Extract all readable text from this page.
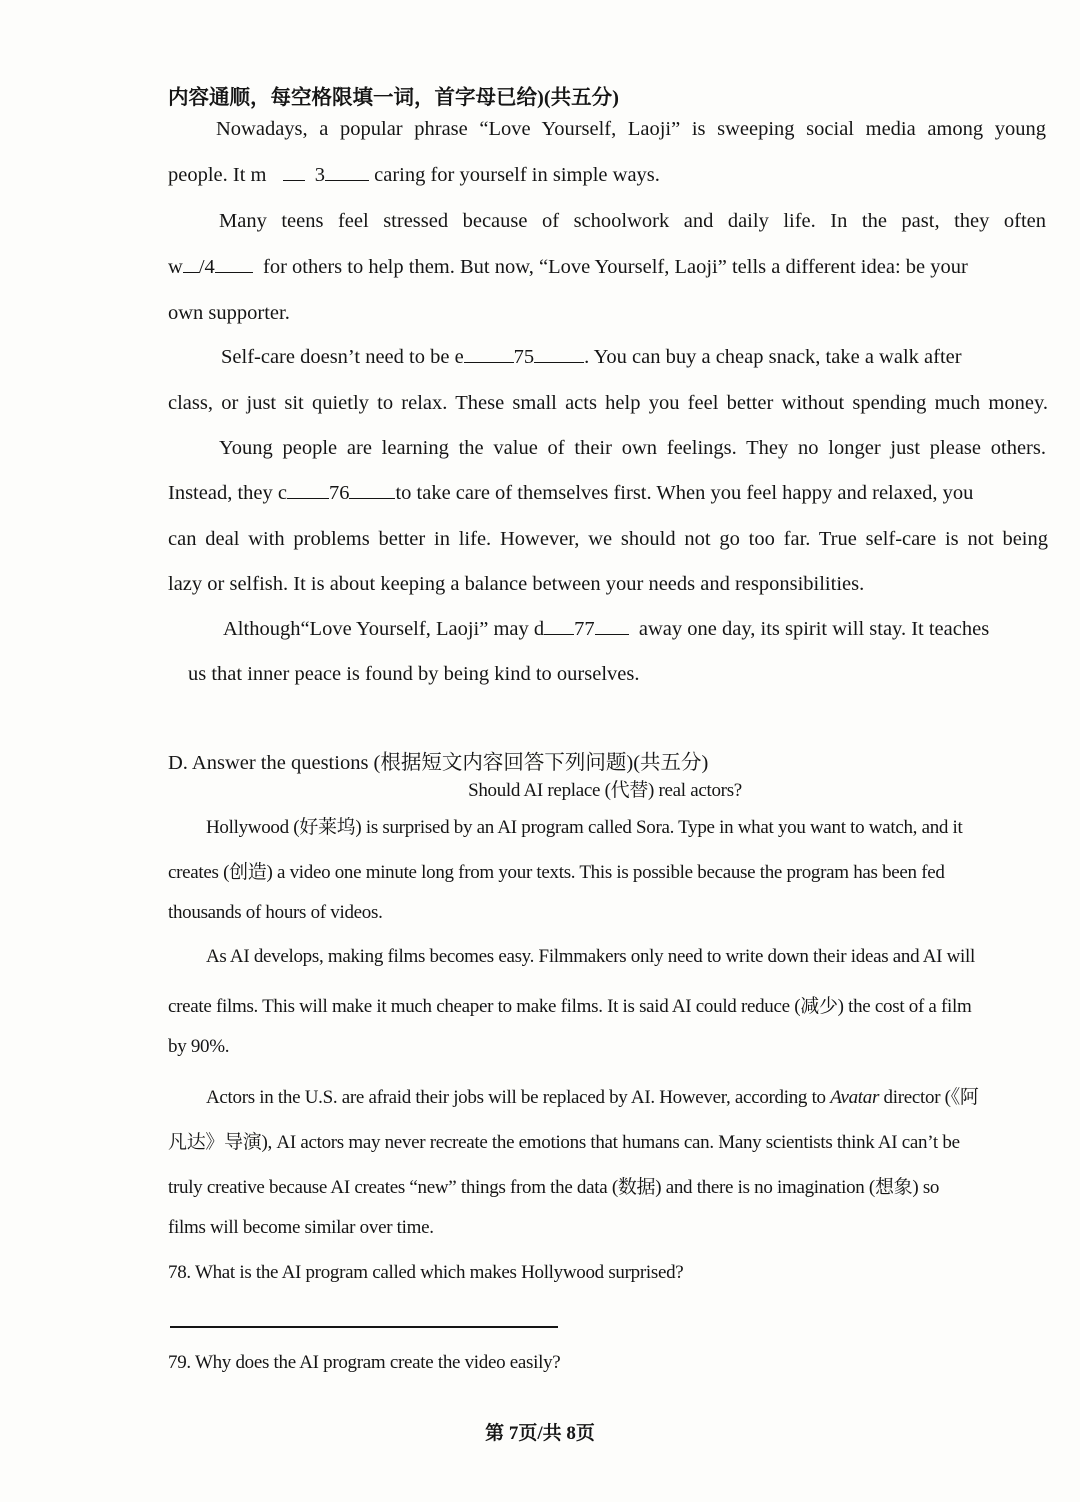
内容通顺，每空格限填一词，首字母已给)(共五分)
Nowadays, a popular phrase “Love Yourself, Laoji” is sweeping social media among young
people. It m 3 caring for yourself in simple ways.
Many teens feel stressed because of schoolwork and daily life. In the past, they often
w /4 for others to help them. But now, “Love Yourself, Laoji” tells a different idea: be your
own supporter.
Self-care doesn’t need to be e 75 . You can buy a cheap snack, take a walk after
class, or just sit quietly to relax. These small acts help you feel better without spending much money.
Young people are learning the value of their own feelings. They no longer just please others.
Instead, they c 76 to take care of themselves first. When you feel happy and relaxed, you
can deal with problems better in life. However, we should not go too far. True self-care is not being
lazy or selfish. It is about keeping a balance between your needs and responsibilities.
Although“Love Yourself, Laoji” may d 77 away one day, its spirit will stay. It teaches
us that inner peace is found by being kind to ourselves.
D. Answer the questions (根据短文内容回答下列问题)(共五分)
Should AI replace (代替) real actors?
Hollywood (好莱坞) is surprised by an AI program called Sora. Type in what you want to watch, and it
creates (创造) a video one minute long from your texts. This is possible because the program has been fed
thousands of hours of videos.
As AI develops, making films becomes easy. Filmmakers only need to write down their ideas and AI will
create films. This will make it much cheaper to make films. It is said AI could reduce (减少) the cost of a film
by 90%.
Actors in the U.S. are afraid their jobs will be replaced by AI. However, according to Avatar director (《阿
凡达》导演), AI actors may never recreate the emotions that humans can. Many scientists think AI can’t be
truly creative because AI creates “new” things from the data (数据) and there is no imagination (想象) so
films will become similar over time.
78. What is the AI program called which makes Hollywood surprised?
79. Why does the AI program create the video easily?
第 7页/共 8页
